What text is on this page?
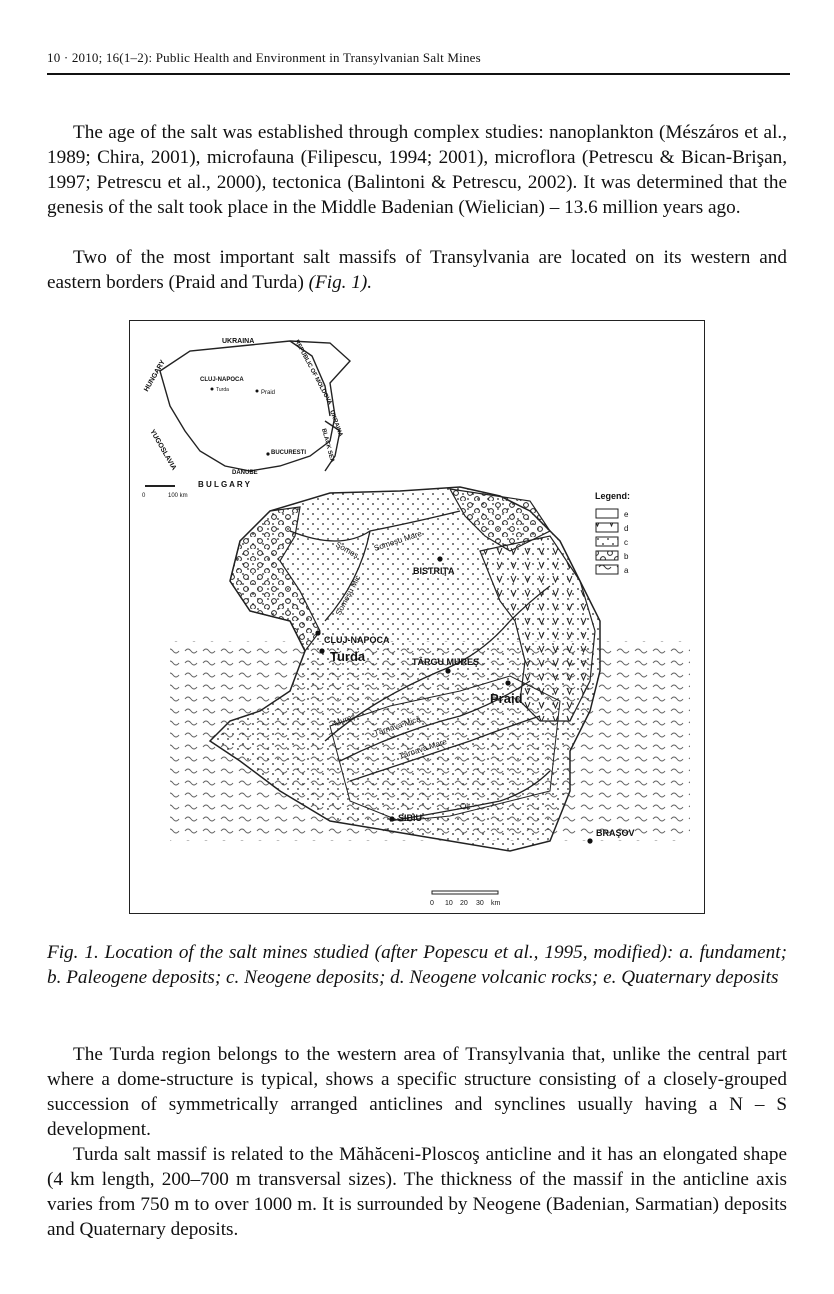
10 · 2010; 16(1–2): Public Health and Environment in Transylvanian Salt Mines

The age of the salt was established through complex studies: nanoplankton (Mészáros et al., 1989; Chira, 2001), microfauna (Filipescu, 1994; 2001), microflora (Petrescu & Bican-Brişan, 1997; Petrescu et al., 2000), tectonica (Balintoni & Petrescu, 2002). It was determined that the genesis of the salt took place in the Middle Badenian (Wielician) – 13.6 million years ago.

Two of the most important salt massifs of Transylvania are located on its western and eastern borders (Praid and Turda) (Fig. 1).

0	100 km
UKRAINA
HUNGARY	REPUBLIC OF MOLDOVA
UKRAINA
YUGOSLAVIA	BLACK SEA
DANUBE
B U L G A R Y
CLUJ-NAPOCA
Turda	Praid
BUCURESTI
Someş Someşu Mare
Someşu Mic
Mureş Târnava Mică
Târnava Mare
Olt
BISTRIŢA
CLUJ-NAPOCA
Turda	TÂRGU MUREŞ
Praid
SIBIU
BRAŞOV
Legend:
e
d
c
b
a
0 10 20 30 km

Fig. 1. Location of the salt mines studied (after Popescu et al., 1995, modified): a. fundament; b. Paleogene deposits; c. Neogene deposits; d. Neogene volcanic rocks; e. Quaternary deposits

The Turda region belongs to the western area of Transylvania that, unlike the central part where a dome-structure is typical, shows a specific structure consisting of a closely-grouped succession of symmetrically arranged anticlines and synclines usually having a N – S development.

Turda salt massif is related to the Măhăceni-Ploscoş anticline and it has an elongated shape (4 km length, 200–700 m transversal sizes). The thickness of the massif in the anticline axis varies from 750 m to over 1000 m. It is surrounded by Neogene (Badenian, Sarmatian) deposits and Quaternary deposits.
